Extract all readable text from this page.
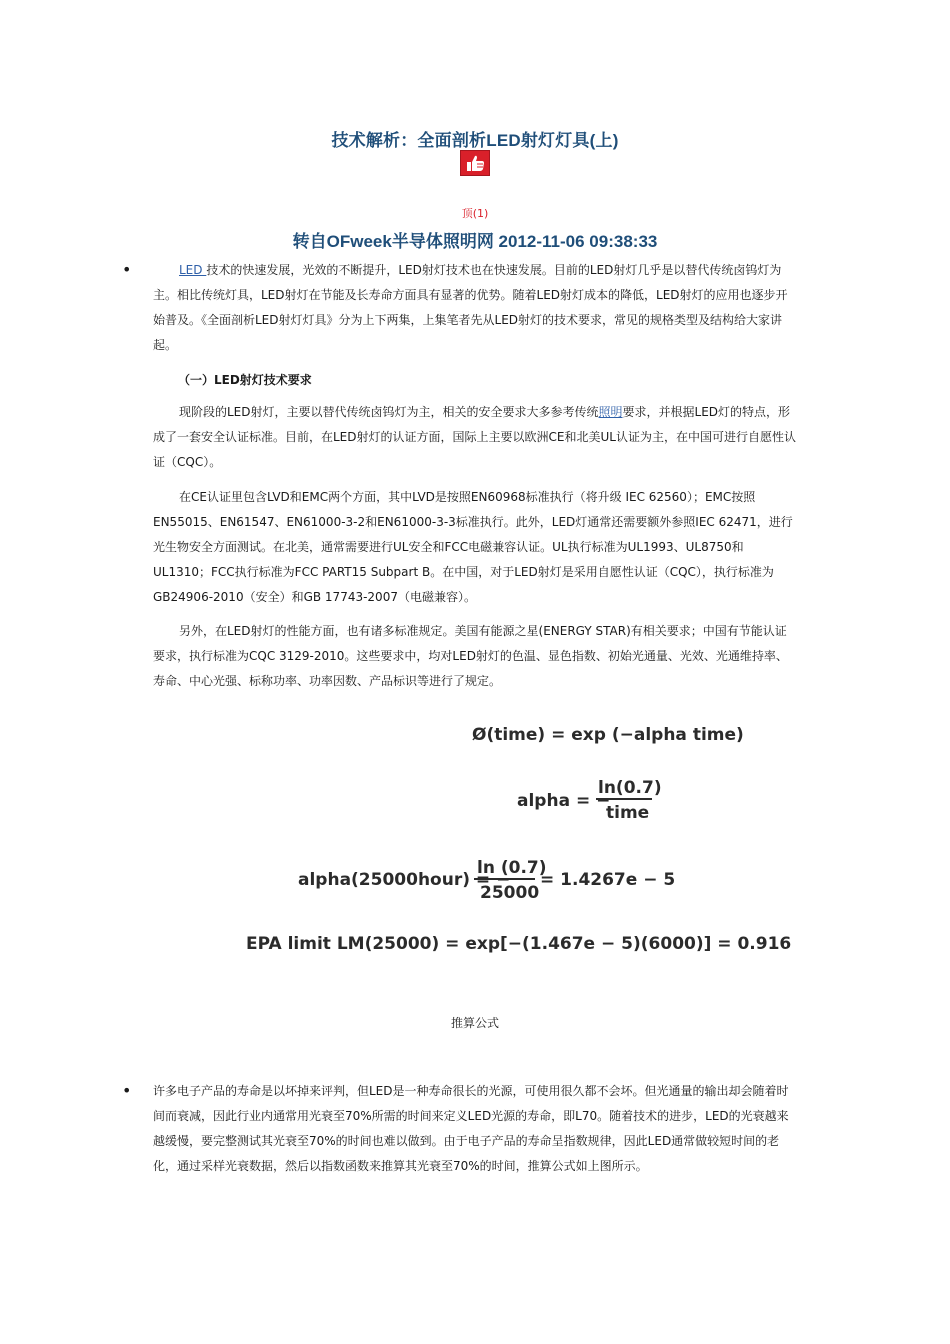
技术解析：全面剖析LED射灯灯具(上)
顶(1)
转自OFweek半导体照明网 2012-11-06 09:38:33
•	LED 技术的快速发展，光效的不断提升，LED射灯技术也在快速发展。目前的LED射灯几乎是以替代传统卤钨灯为主。相比传统灯具，LED射灯在节能及长寿命方面具有显著的优势。随着LED射灯成本的降低，LED射灯的应用也逐步开始普及。《全面剖析LED射灯灯具》分为上下两集，上集笔者先从LED射灯的技术要求，常见的规格类型及结构给大家讲起。
（一）LED射灯技术要求
现阶段的LED射灯，主要以替代传统卤钨灯为主，相关的安全要求大多参考传统照明要求，并根据LED灯的特点，形成了一套安全认证标准。目前，在LED射灯的认证方面，国际上主要以欧洲CE和北美UL认证为主，在中国可进行自愿性认证（CQC）。
在CE认证里包含LVD和EMC两个方面，其中LVD是按照EN60968标准执行（将升级 IEC 62560）；EMC按照EN55015、EN61547、EN61000-3-2和EN61000-3-3标准执行。此外，LED灯通常还需要额外参照IEC 62471，进行光生物安全方面测试。在北美，通常需要进行UL安全和FCC电磁兼容认证。UL执行标准为UL1993、UL8750和UL1310；FCC执行标准为FCC PART15 Subpart B。在中国，对于LED射灯是采用自愿性认证（CQC），执行标准为GB24906-2010（安全）和GB 17743-2007（电磁兼容）。
另外，在LED射灯的性能方面，也有诸多标准规定。美国有能源之星(ENERGY STAR)有相关要求；中国有节能认证要求，执行标准为CQC 3129-2010。这些要求中，均对LED射灯的色温、显色指数、初始光通量、光效、光通维持率、寿命、中心光强、标称功率、功率因数、产品标识等进行了规定。
Ø(time) = exp (−alpha time)
alpha = −
ln(0.7)
time
alpha(25000hour) = −
ln (0.7)
25000
= 1.4267e − 5
EPA limit LM(25000) = exp[−(1.467e − 5)(6000)] = 0.916
推算公式
• 许多电子产品的寿命是以坏掉来评判，但LED是一种寿命很长的光源，可使用很久都不会坏。但光通量的输出却会随着时间而衰减，因此行业内通常用光衰至70%所需的时间来定义LED光源的寿命，即L70。随着技术的进步，LED的光衰越来越缓慢，要完整测试其光衰至70%的时间也难以做到。由于电子产品的寿命呈指数规律，因此LED通常做较短时间的老化，通过采样光衰数据，然后以指数函数来推算其光衰至70%的时间，推算公式如上图所示。
